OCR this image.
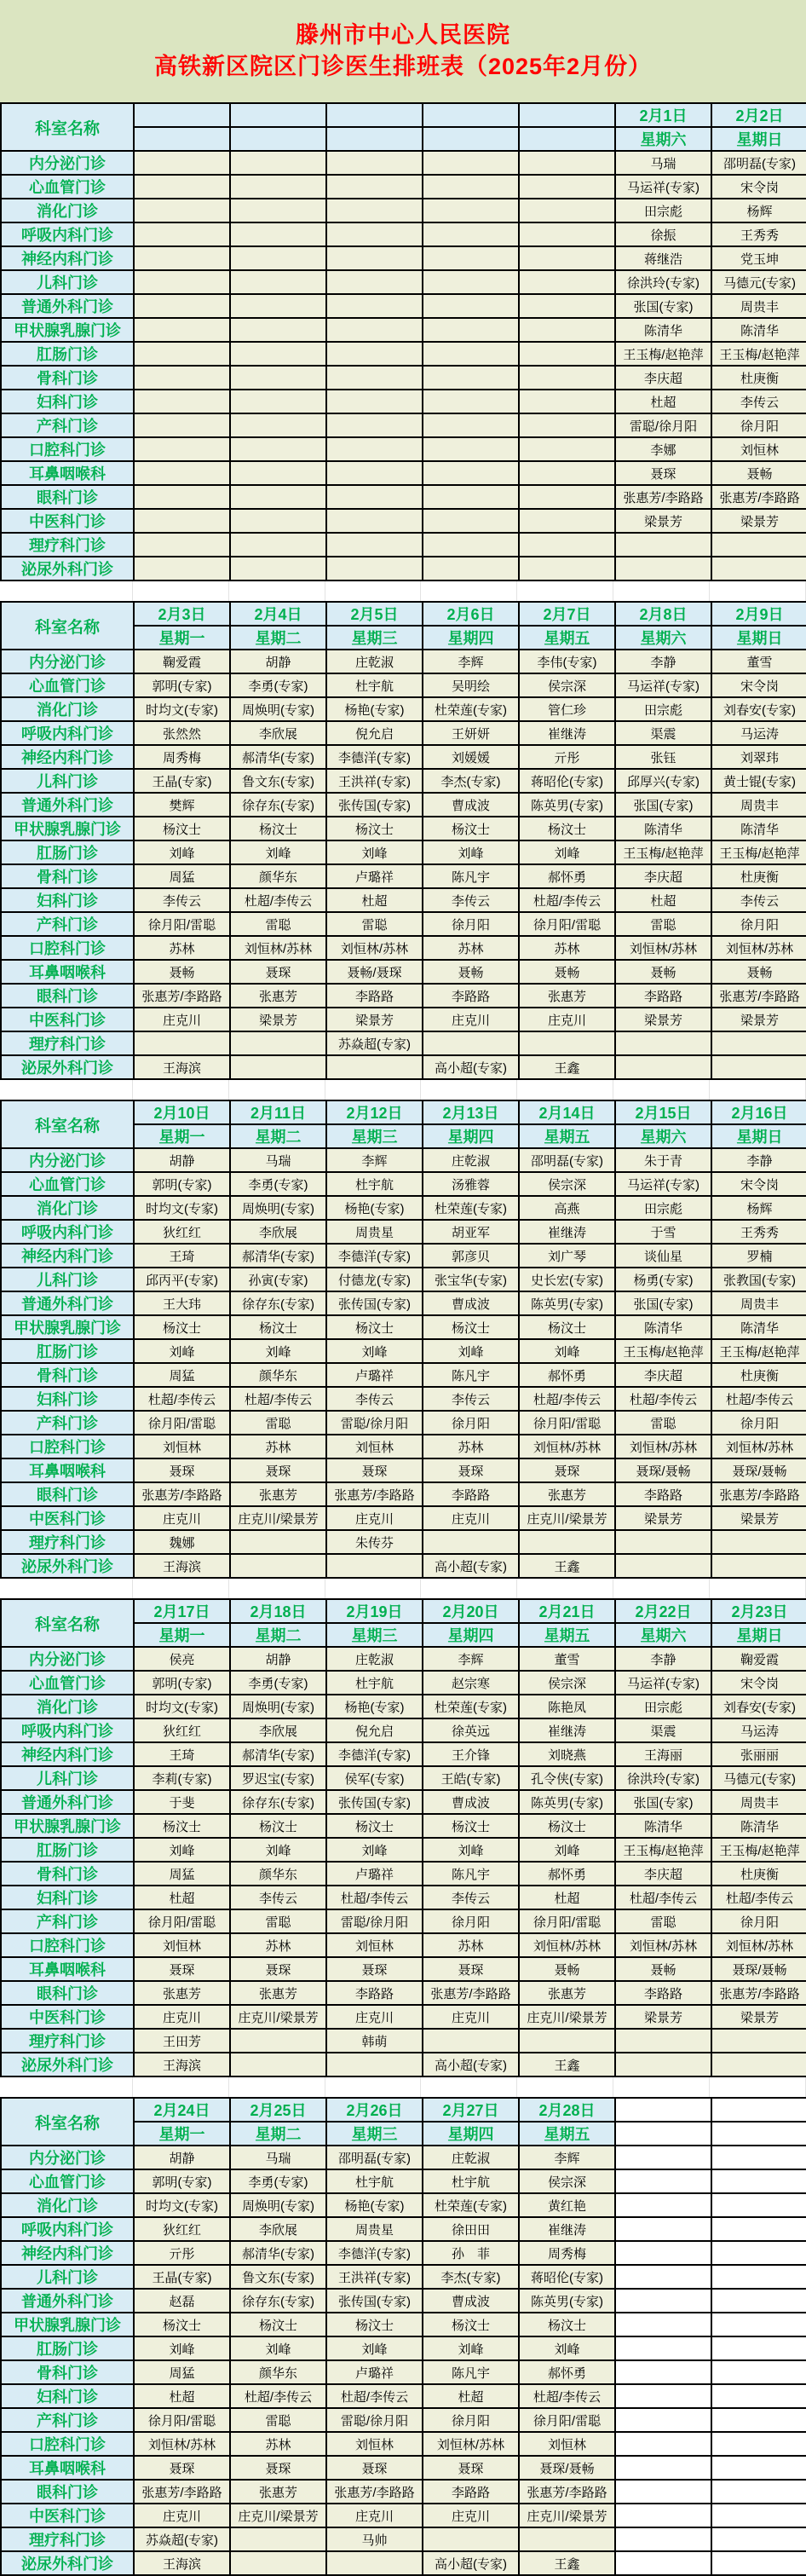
滕州市中心人民医院
高铁新区院区门诊医生排班表（2025年2月份）
科室名称						2月1日	2月2日
						星期六	星期日
内分泌门诊						马瑞	邵明磊(专家)
心血管门诊						马运祥(专家)	宋令岗
消化门诊						田宗彪	杨辉
呼吸内科门诊						徐振	王秀秀
神经内科门诊						蒋继浩	党玉坤
儿科门诊						徐洪玲(专家)	马德元(专家)
普通外科门诊						张国(专家)	周贵丰
甲状腺乳腺门诊						陈清华	陈清华
肛肠门诊						王玉梅/赵艳萍	王玉梅/赵艳萍
骨科门诊						李庆超	杜庚衡
妇科门诊						杜超	李传云
产科门诊						雷聪/徐月阳	徐月阳
口腔科门诊						李娜	刘恒林
耳鼻咽喉科						聂琛	聂畅
眼科门诊						张惠芳/李路路	张惠芳/李路路
中医科门诊						梁景芳	梁景芳
理疗科门诊							
泌尿外科门诊							
科室名称	2月3日	2月4日	2月5日	2月6日	2月7日	2月8日	2月9日
	星期一	星期二	星期三	星期四	星期五	星期六	星期日
内分泌门诊	鞠爱霞	胡静	庄乾淑	李辉	李伟(专家)	李静	董雪
心血管门诊	郭明(专家)	李勇(专家)	杜宇航	吴明绘	侯宗深	马运祥(专家)	宋令岗
消化门诊	时均文(专家)	周焕明(专家)	杨艳(专家)	杜荣莲(专家)	管仁珍	田宗彪	刘春安(专家)
呼吸内科门诊	张然然	李欣展	倪允启	王妍妍	崔继涛	渠震	马运涛
神经内科门诊	周秀梅	郝清华(专家)	李德洋(专家)	刘媛媛	亓彤	张钰	刘翠玮
儿科门诊	王晶(专家)	鲁文东(专家)	王洪祥(专家)	李杰(专家)	蒋昭伦(专家)	邱厚兴(专家)	黄士锟(专家)
普通外科门诊	樊辉	徐存东(专家)	张传国(专家)	曹成波	陈英男(专家)	张国(专家)	周贵丰
甲状腺乳腺门诊	杨汶士	杨汶士	杨汶士	杨汶士	杨汶士	陈清华	陈清华
肛肠门诊	刘峰	刘峰	刘峰	刘峰	刘峰	王玉梅/赵艳萍	王玉梅/赵艳萍
骨科门诊	周猛	颜华东	卢璐祥	陈凡宇	郝怀勇	李庆超	杜庚衡
妇科门诊	李传云	杜超/李传云	杜超	李传云	杜超/李传云	杜超	李传云
产科门诊	徐月阳/雷聪	雷聪	雷聪	徐月阳	徐月阳/雷聪	雷聪	徐月阳
口腔科门诊	苏林	刘恒林/苏林	刘恒林/苏林	苏林	苏林	刘恒林/苏林	刘恒林/苏林
耳鼻咽喉科	聂畅	聂琛	聂畅/聂琛	聂畅	聂畅	聂畅	聂畅
眼科门诊	张惠芳/李路路	张惠芳	李路路	李路路	张惠芳	李路路	张惠芳/李路路
中医科门诊	庄克川	梁景芳	梁景芳	庄克川	庄克川	梁景芳	梁景芳
理疗科门诊			苏焱超(专家)				
泌尿外科门诊	王海滨			高小超(专家)	王鑫		
科室名称	2月10日	2月11日	2月12日	2月13日	2月14日	2月15日	2月16日
	星期一	星期二	星期三	星期四	星期五	星期六	星期日
内分泌门诊	胡静	马瑞	李辉	庄乾淑	邵明磊(专家)	朱于青	李静
心血管门诊	郭明(专家)	李勇(专家)	杜宇航	汤雅蓉	侯宗深	马运祥(专家)	宋令岗
消化门诊	时均文(专家)	周焕明(专家)	杨艳(专家)	杜荣莲(专家)	高燕	田宗彪	杨辉
呼吸内科门诊	狄红红	李欣展	周贵星	胡亚军	崔继涛	于雪	王秀秀
神经内科门诊	王琦	郝清华(专家)	李德洋(专家)	郭彦贝	刘广琴	谈仙星	罗楠
儿科门诊	邱丙平(专家)	孙寅(专家)	付德龙(专家)	张宝华(专家)	史长宏(专家)	杨勇(专家)	张教国(专家)
普通外科门诊	王大玮	徐存东(专家)	张传国(专家)	曹成波	陈英男(专家)	张国(专家)	周贵丰
甲状腺乳腺门诊	杨汶士	杨汶士	杨汶士	杨汶士	杨汶士	陈清华	陈清华
肛肠门诊	刘峰	刘峰	刘峰	刘峰	刘峰	王玉梅/赵艳萍	王玉梅/赵艳萍
骨科门诊	周猛	颜华东	卢璐祥	陈凡宇	郝怀勇	李庆超	杜庚衡
妇科门诊	杜超/李传云	杜超/李传云	李传云	李传云	杜超/李传云	杜超/李传云	杜超/李传云
产科门诊	徐月阳/雷聪	雷聪	雷聪/徐月阳	徐月阳	徐月阳/雷聪	雷聪	徐月阳
口腔科门诊	刘恒林	苏林	刘恒林	苏林	刘恒林/苏林	刘恒林/苏林	刘恒林/苏林
耳鼻咽喉科	聂琛	聂琛	聂琛	聂琛	聂琛	聂琛/聂畅	聂琛/聂畅
眼科门诊	张惠芳/李路路	张惠芳	张惠芳/李路路	李路路	张惠芳	李路路	张惠芳/李路路
中医科门诊	庄克川	庄克川/梁景芳	庄克川	庄克川	庄克川/梁景芳	梁景芳	梁景芳
理疗科门诊	魏娜		朱传芬				
泌尿外科门诊	王海滨			高小超(专家)	王鑫		
科室名称	2月17日	2月18日	2月19日	2月20日	2月21日	2月22日	2月23日
	星期一	星期二	星期三	星期四	星期五	星期六	星期日
内分泌门诊	侯亮	胡静	庄乾淑	李辉	董雪	李静	鞠爱霞
心血管门诊	郭明(专家)	李勇(专家)	杜宇航	赵宗寒	侯宗深	马运祥(专家)	宋令岗
消化门诊	时均文(专家)	周焕明(专家)	杨艳(专家)	杜荣莲(专家)	陈艳凤	田宗彪	刘春安(专家)
呼吸内科门诊	狄红红	李欣展	倪允启	徐英远	崔继涛	渠震	马运涛
神经内科门诊	王琦	郝清华(专家)	李德洋(专家)	王介锋	刘晓燕	王海丽	张丽丽
儿科门诊	李莉(专家)	罗迟宝(专家)	侯军(专家)	王皓(专家)	孔令侠(专家)	徐洪玲(专家)	马德元(专家)
普通外科门诊	于斐	徐存东(专家)	张传国(专家)	曹成波	陈英男(专家)	张国(专家)	周贵丰
甲状腺乳腺门诊	杨汶士	杨汶士	杨汶士	杨汶士	杨汶士	陈清华	陈清华
肛肠门诊	刘峰	刘峰	刘峰	刘峰	刘峰	王玉梅/赵艳萍	王玉梅/赵艳萍
骨科门诊	周猛	颜华东	卢璐祥	陈凡宇	郝怀勇	李庆超	杜庚衡
妇科门诊	杜超	李传云	杜超/李传云	李传云	杜超	杜超/李传云	杜超/李传云
产科门诊	徐月阳/雷聪	雷聪	雷聪/徐月阳	徐月阳	徐月阳/雷聪	雷聪	徐月阳
口腔科门诊	刘恒林	苏林	刘恒林	苏林	刘恒林/苏林	刘恒林/苏林	刘恒林/苏林
耳鼻咽喉科	聂琛	聂琛	聂琛	聂琛	聂畅	聂畅	聂琛/聂畅
眼科门诊	张惠芳	张惠芳	李路路	张惠芳/李路路	张惠芳	李路路	张惠芳/李路路
中医科门诊	庄克川	庄克川/梁景芳	庄克川	庄克川	庄克川/梁景芳	梁景芳	梁景芳
理疗科门诊	王田芳		韩萌				
泌尿外科门诊	王海滨			高小超(专家)	王鑫		
科室名称	2月24日	2月25日	2月26日	2月27日	2月28日		
	星期一	星期二	星期三	星期四	星期五		
内分泌门诊	胡静	马瑞	邵明磊(专家)	庄乾淑	李辉		
心血管门诊	郭明(专家)	李勇(专家)	杜宇航	杜宇航	侯宗深		
消化门诊	时均文(专家)	周焕明(专家)	杨艳(专家)	杜荣莲(专家)	黄红艳		
呼吸内科门诊	狄红红	李欣展	周贵星	徐田田	崔继涛		
神经内科门诊	亓彤	郝清华(专家)	李德洋(专家)	孙　菲	周秀梅		
儿科门诊	王晶(专家)	鲁文东(专家)	王洪祥(专家)	李杰(专家)	蒋昭伦(专家)		
普通外科门诊	赵磊	徐存东(专家)	张传国(专家)	曹成波	陈英男(专家)		
甲状腺乳腺门诊	杨汶士	杨汶士	杨汶士	杨汶士	杨汶士		
肛肠门诊	刘峰	刘峰	刘峰	刘峰	刘峰		
骨科门诊	周猛	颜华东	卢璐祥	陈凡宇	郝怀勇		
妇科门诊	杜超	杜超/李传云	杜超/李传云	杜超	杜超/李传云		
产科门诊	徐月阳/雷聪	雷聪	雷聪/徐月阳	徐月阳	徐月阳/雷聪		
口腔科门诊	刘恒林/苏林	苏林	刘恒林	刘恒林/苏林	刘恒林		
耳鼻咽喉科	聂琛	聂琛	聂琛	聂琛	聂琛/聂畅		
眼科门诊	张惠芳/李路路	张惠芳	张惠芳/李路路	李路路	张惠芳/李路路		
中医科门诊	庄克川	庄克川/梁景芳	庄克川	庄克川	庄克川/梁景芳		
理疗科门诊	苏焱超(专家)		马帅				
泌尿外科门诊	王海滨			高小超(专家)	王鑫		
